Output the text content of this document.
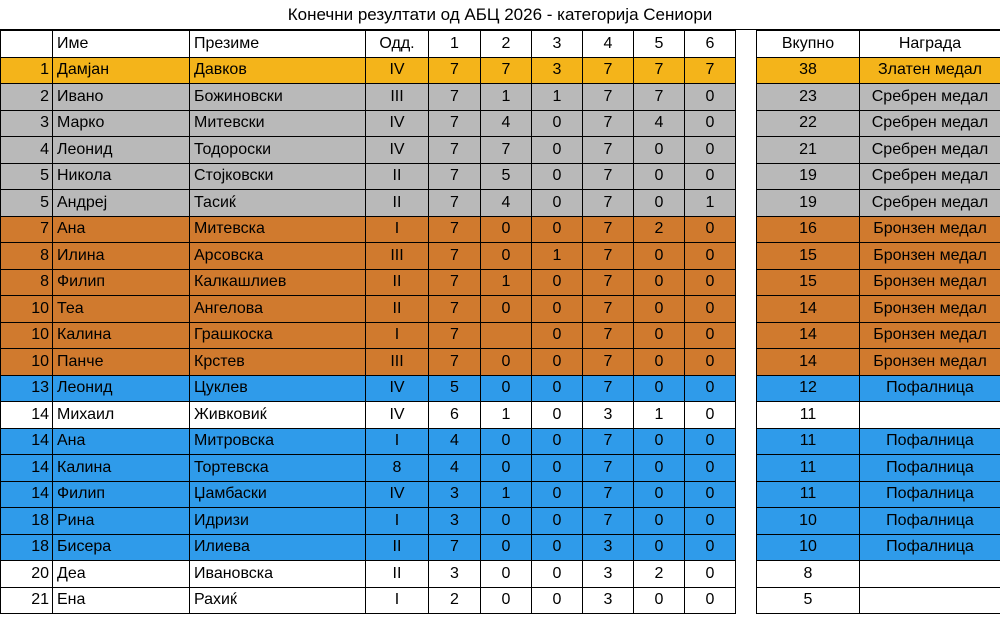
Конечни резултати од АБЦ 2026 - категорија Сениори
	Име	Презиме	Одд.	1	2	3	4	5	6		Вкупно	Награда
1	Дамјан	Давков	IV	7	7	3	7	7	7		38	Златен медал
2	Ивано	Божиновски	III	7	1	1	7	7	0		23	Сребрен медал
3	Марко	Митевски	IV	7	4	0	7	4	0		22	Сребрен медал
4	Леонид	Тодороски	IV	7	7	0	7	0	0		21	Сребрен медал
5	Никола	Стојковски	II	7	5	0	7	0	0		19	Сребрен медал
5	Андреј	Тасиќ	II	7	4	0	7	0	1		19	Сребрен медал
7	Ана	Митевска	I	7	0	0	7	2	0		16	Бронзен медал
8	Илина	Арсовска	III	7	0	1	7	0	0		15	Бронзен медал
8	Филип	Калкашлиев	II	7	1	0	7	0	0		15	Бронзен медал
10	Теа	Ангелова	II	7	0	0	7	0	0		14	Бронзен медал
10	Калина	Грашкоска	I	7		0	7	0	0		14	Бронзен медал
10	Панче	Крстев	III	7	0	0	7	0	0		14	Бронзен медал
13	Леонид	Цуклев	IV	5	0	0	7	0	0		12	Пофалница
14	Михаил	Живковиќ	IV	6	1	0	3	1	0		11	
14	Ана	Митровска	I	4	0	0	7	0	0		11	Пофалница
14	Калина	Тортевска	8	4	0	0	7	0	0		11	Пофалница
14	Филип	Џамбаски	IV	3	1	0	7	0	0		11	Пофалница
18	Рина	Идризи	I	3	0	0	7	0	0		10	Пофалница
18	Бисера	Илиева	II	7	0	0	3	0	0		10	Пофалница
20	Деа	Ивановска	II	3	0	0	3	2	0		8	
21	Ена	Рахиќ	I	2	0	0	3	0	0		5	
